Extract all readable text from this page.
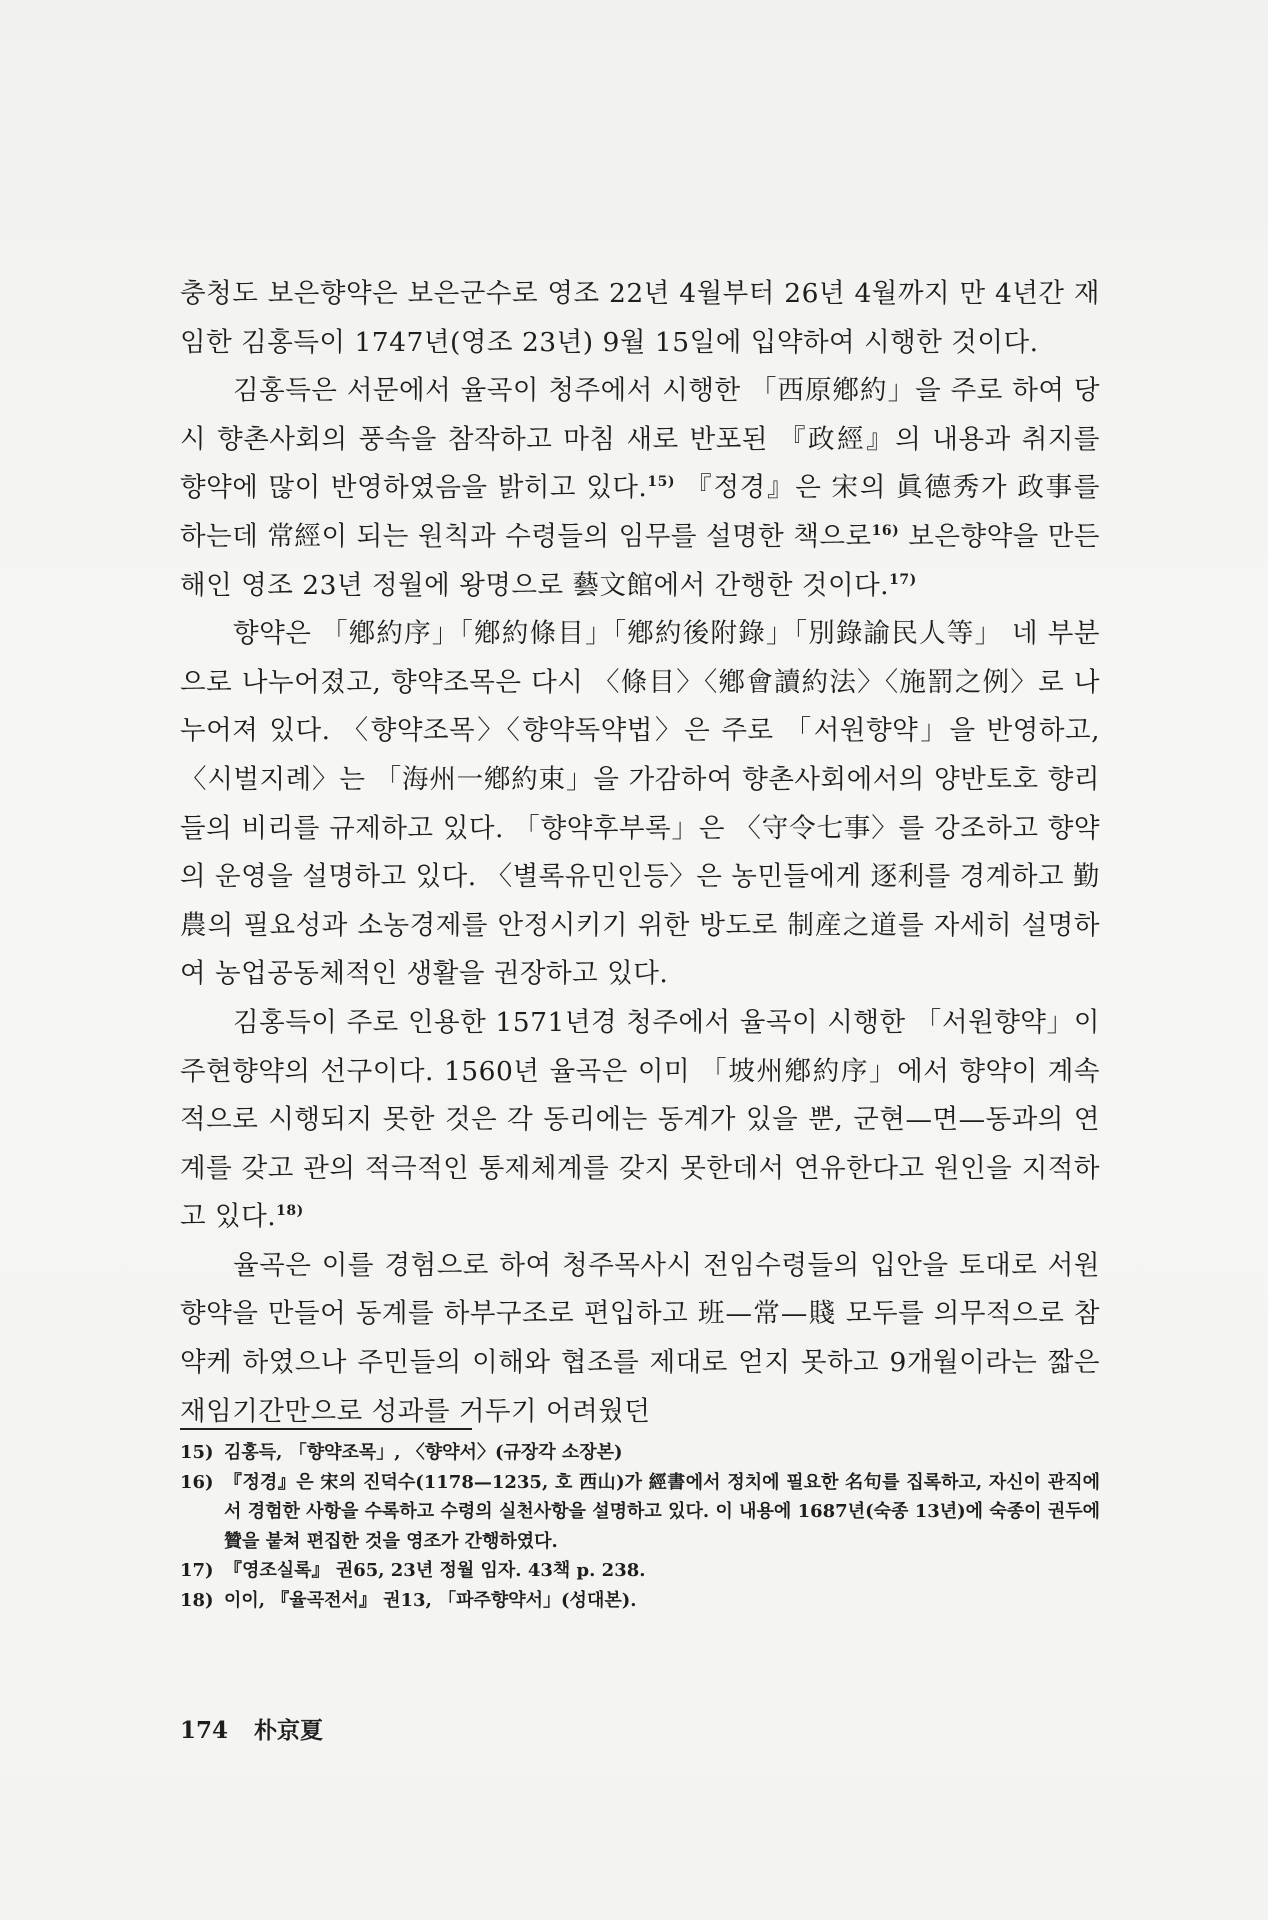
충청도 보은향약은 보은군수로 영조 22년 4월부터 26년 4월까지 만 4년간 재임한 김홍득이 1747년(영조 23년) 9월 15일에 입약하여 시행한 것이다.

김홍득은 서문에서 율곡이 청주에서 시행한 「西原鄕約」을 주로 하여 당시 향촌사회의 풍속을 참작하고 마침 새로 반포된 『政經』의 내용과 취지를 향약에 많이 반영하였음을 밝히고 있다.$^{15)}$ 『정경』은 宋의 眞德秀가 政事를 하는데 常經이 되는 원칙과 수령들의 임무를 설명한 책으로$^{16)}$ 보은향약을 만든 해인 영조 23년 정월에 왕명으로 藝文館에서 간행한 것이다.$^{17)}$

향약은 「鄕約序」「鄕約條目」「鄕約後附錄」「別錄諭民人等」 네 부분으로 나누어졌고, 향약조목은 다시 〈條目〉〈鄕會讀約法〉〈施罰之例〉로 나누어져 있다. 〈향약조목〉〈향약독약법〉은 주로 「서원향약」을 반영하고, 〈시벌지례〉는 「海州一鄕約束」을 가감하여 향촌사회에서의 양반토호 향리들의 비리를 규제하고 있다. 「향약후부록」은 〈守令七事〉를 강조하고 향약의 운영을 설명하고 있다. 〈별록유민인등〉은 농민들에게 逐利를 경계하고 勤農의 필요성과 소농경제를 안정시키기 위한 방도로 制産之道를 자세히 설명하여 농업공동체적인 생활을 권장하고 있다.

김홍득이 주로 인용한 1571년경 청주에서 율곡이 시행한 「서원향약」이 주현향약의 선구이다. 1560년 율곡은 이미 「坡州鄕約序」에서 향약이 계속적으로 시행되지 못한 것은 각 동리에는 동계가 있을 뿐, 군현—면—동과의 연계를 갖고 관의 적극적인 통제체계를 갖지 못한데서 연유한다고 원인을 지적하고 있다.$^{18)}$

율곡은 이를 경험으로 하여 청주목사시 전임수령들의 입안을 토대로 서원향약을 만들어 동계를 하부구조로 편입하고 班—常—賤 모두를 의무적으로 참약케 하였으나 주민들의 이해와 협조를 제대로 얻지 못하고 9개월이라는 짧은 재임기간만으로 성과를 거두기 어려웠던

15) 김홍득, 「향약조목」, 〈향약서〉(규장각 소장본)
16) 『정경』은 宋의 진덕수(1178—1235, 호 西山)가 經書에서 정치에 필요한 名句를 집록하고, 자신이 관직에서 경험한 사항을 수록하고 수령의 실천사항을 설명하고 있다. 이 내용에 1687년(숙종 13년)에 숙종이 권두에 贊을 붙쳐 편집한 것을 영조가 간행하였다.
17) 『영조실록』 권65, 23년 정월 임자. 43책 p. 238.
18) 이이, 『율곡전서』 권13, 「파주향약서」(성대본).
174 朴京夏
